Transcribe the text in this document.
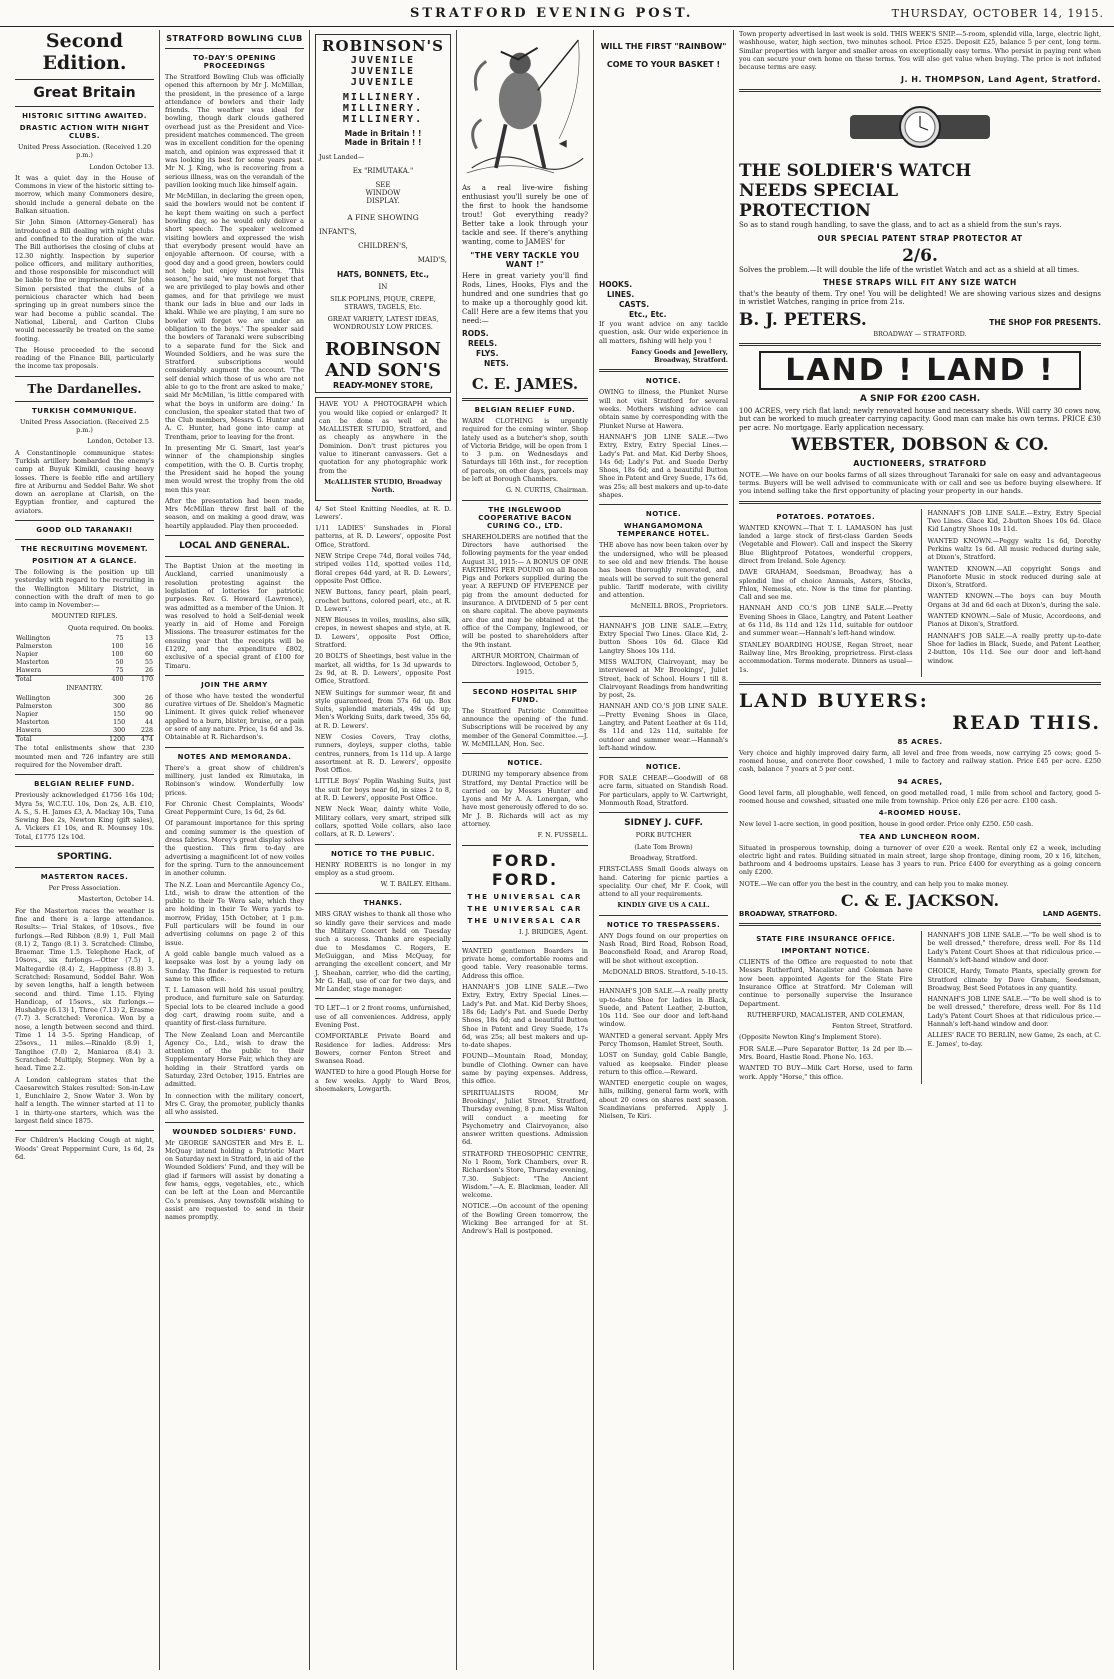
STRATFORD EVENING POST.	THURSDAY, OCTOBER 14, 1915.
Second Edition.
Great Britain
HISTORIC SITTING AWAITED.
DRASTIC ACTION WITH NIGHT CLUBS.

United Press Association. (Received 1.20 p.m.)

London October 13.

It was a quiet day in the House of Commons in view of the historic sitting to-morrow, which many Commoners desire, should include a general debate on the Balkan situation.

Sir John Simon (Attorney-General) has introduced a Bill dealing with night clubs and confined to the duration of the war. The Bill authorises the closing of clubs at 12.30 nightly. Inspection by superior police officers, and military authorities, and those responsible for misconduct will be liable to fine or imprisonment. Sir John Simon persisted that the clubs of a pernicious character which had been springing up in great numbers since the war had become a public scandal. The National, Liberal, and Carlton Clubs would necessarily be treated on the same footing.

The House proceeded to the second reading of the Finance Bill, particularly the income tax proposals.

The Dardanelles.
TURKISH COMMUNIQUE.

United Press Association. (Received 2.5 p.m.)

London, October 13.

A Constantinople communique states: Turkish artillery bombarded the enemy's camp at Buyuk Kimikli, causing heavy losses. There is feeble rifle and artillery fire at Ariburnu and Seddel Bahr. We shot down an aeroplane at Clarish, on the Egyptian frontier, and captured the aviators.

GOOD OLD TARANAKI!
THE RECRUITING MOVEMENT.
POSITION AT A GLANCE.

The following is the position up till yesterday with regard to the recruiting in the Wellington Military District, in connection with the draft of men to go into camp in November:—

MOUNTED RIFLES.
Quota required. On books.
Wellington	75	13
Palmerston	100	16
Napier	100	60
Masterton	50	55
Hawera	75	26
Total	400	170
INFANTRY.
Wellington	300	26
Palmerston	300	86
Napier	150	90
Masterton	150	44
Hawera	300	228
Total	1200	474

The total enlistments show that 230 mounted men and 726 infantry are still required for the November draft.

BELGIAN RELIEF FUND.

Previously acknowledged £1756 16s 10d; Myra 5s, W.C.T.U. 10s, Don 2s, A.B. £10, A. S., S. H. James £3, A. Mackay 10s, Tuna Sewing Bee 2s, Newton King (gift sales), A. Vickers £1 10s, and R. Mounsey 10s. Total, £1775 12s 10d.

SPORTING.
MASTERTON RACES.

Per Press Association.

Masterton, October 14.

For the Masterton races the weather is fine and there is a large attendance. Results:— Trial Stakes, of 10sovs., five furlongs.—Red Ribbon (8.9) 1, Full Mail (8.1) 2, Tango (8.1) 3. Scratched: Climbo, Braemar. Time 1.5. Telephone Hack, of 10sovs., six furlongs.—Otter (7.5) 1, Maltegardie (8.4) 2, Happiness (8.8) 3. Scratched: Rosamund, Soddel Bahr. Won by seven lengths, half a length between second and third. Time 1.15. Flying Handicap, of 15sovs., six furlongs.—Hushabye (6.13) 1, Three (7.13) 2, Erasme (7.7) 3. Scratched: Veronica. Won by a nose, a length between second and third. Time 1 14 3-5. Spring Handicap, of 25sovs., 11 miles.—Rinaldo (8.9) 1, Tangihoe (7.0) 2, Maniaroa (8.4) 3. Scratched: Multiply, Stepney. Won by a head. Time 2.2.

A London cablegram states that the Caesarewitch Stakes resulted: Son-in-Law 1, Eunchlaire 2, Snow Water 3. Won by half a length. The winner started at 11 to 1 in thirty-one starters, which was the largest field since 1875.

For Children's Hacking Cough at night, Woods' Great Peppermint Cure, 1s 6d, 2s 6d.

STRATFORD BOWLING CLUB
TO-DAY'S OPENING PROCEEDINGS

The Stratford Bowling Club was officially opened this afternoon by Mr J. McMillan, the president, in the presence of a large attendance of bowlers and their lady friends. The weather was ideal for bowling, though dark clouds gathered overhead just as the President and Vice-president matches commenced. The green was in excellent condition for the opening match, and opinion was expressed that it was looking its best for some years past. Mr N. J. King, who is recovering from a serious illness, was on the verandah of the pavilion looking much like himself again.

Mr McMillan, in declaring the green open, said the bowlers would not be content if he kept them waiting on such a perfect bowling day, so he would only deliver a short speech. The speaker welcomed visiting bowlers and expressed the wish that everybody present would have an enjoyable afternoon. Of course, with a good day and a good green, bowlers could not help but enjoy themselves. 'This season,' he said, 'we must not forget that we are privileged to play bowls and other games, and for that privilege we must thank our lads in blue and our lads in khaki. While we are playing, I am sure no bowler will forget we are under an obligation to the boys.' The speaker said the bowlers of Taranaki were subscribing to a separate fund for the Sick and Wounded Soldiers, and he was sure the Stratford subscriptions would considerably augment the account. 'The self denial which those of us who are not able to go to the front are asked to make,' said Mr McMillan, 'is little compared with what the boys in uniform are doing.' In conclusion, the speaker stated that two of the Club members, Messrs G. Hunter and A. C. Hunter, had gone into camp at Trentham, prior to leaving for the front.

In presenting Mr G. Smart, last year's winner of the championship singles competition, with the O. B. Curtis trophy, the President said he hoped the young men would wrest the trophy from the old men this year.

After the presentation had been made, Mrs McMillan threw first ball of the season, and on making a good draw, was heartily applauded. Play then proceeded.

LOCAL AND GENERAL.

The Baptist Union at the meeting in Auckland, carried unanimously a resolution protesting against the legislation of lotteries for patriotic purposes. Rev. G. Howard (Lawrence), was admitted as a member of the Union. It was resolved to hold a Self-denial week yearly in aid of Home and Foreign Missions. The treasurer estimates for the ensuing year that the receipts will be £1292, and the expenditure £802, exclusive of a special grant of £100 for Timaru.

JOIN THE ARMY

of those who have tested the wonderful curative virtues of Dr. Sheldon's Magnetic Liniment. It gives quick relief whenever applied to a burn, blister, bruise, or a pain or sore of any nature. Price, 1s 6d and 3s. Obtainable at R. Richardson's.

NOTES AND MEMORANDA.

There's a great show of children's millinery, just landed ex Rimutaka, in Robinson's window. Wonderfully low prices.

For Chronic Chest Complaints, Woods' Great Peppermint Cure, 1s 6d, 2s 6d.

Of paramount importance for this spring and coming summer is the question of dress fabrics. Morey's great display solves the question. This firm to-day are advertising a magnificent lot of new voiles for the spring. Turn to the announcement in another column.

The N.Z. Loan and Mercantile Agency Co., Ltd., wish to draw the attention of the public to their Te Wera sale, which they are holding in their Te Wera yards to-morrow, Friday, 15th October, at 1 p.m. Full particulars will be found in our advertising columns on page 2 of this issue.

A gold cable bangle much valued as a keepsake was lost by a young lady on Sunday. The finder is requested to return same to this office.

T. I. Lamason will hold his usual poultry, produce, and furniture sale on Saturday. Special lots to be cleared include a good dog cart, drawing room suite, and a quantity of first-class furniture.

The New Zealand Loan and Mercantile Agency Co., Ltd., wish to draw the attention of the public to their Supplementary Horse Fair, which they are holding in their Stratford yards on Saturday, 23rd October, 1915. Entries are admitted.

In connection with the military concert, Mrs C. Gray, the promoter, publicly thanks all who assisted.

WOUNDED SOLDIERS' FUND.

Mr GEORGE SANGSTER and Mrs E. L. McQuay intend holding a Patriotic Mart on Saturday next in Stratford, in aid of the Wounded Soldiers' Fund, and they will be glad if farmers will assist by donating a few hams, eggs, vegetables, etc., which can be left at the Loan and Mercantile Co.'s premises. Any townsfolk wishing to assist are requested to send in their names promptly.

ROBINSON'S
JUVENILE
JUVENILE
JUVENILE
MILLINERY.
MILLINERY.
MILLINERY.
Made in Britain ! !
Made in Britain ! !

Just Landed—

Ex "RIMUTAKA."
SEE
WINDOW
DISPLAY.
A FINE SHOWING
INFANT'S,
CHILDREN'S,
MAID'S,
HATS, BONNETS, Etc.,
IN
SILK POPLINS, PIQUE, CREPE, STRAWS, TAGELS, Etc.
GREAT VARIETY, LATEST IDEAS, WONDROUSLY LOW PRICES.
ROBINSON AND SON'S
READY-MONEY STORE,

HAVE YOU A PHOTOGRAPH which you would like copied or enlarged? It can be done as well at the McALLISTER STUDIO, Stratford, and as cheaply as anywhere in the Dominion. Don't trust pictures you value to itinerant canvassers. Get a quotation for any photographic work from the

McALLISTER STUDIO, Broadway North.

4/ Set Steel Knitting Needles, at R. D. Lewers'.

1/11 LADIES' Sunshades in Floral patterns, at R. D. Lewers', opposite Post Office, Stratford.

NEW Stripe Crepe 74d, floral voiles 74d, striped voiles 11d, spotted voiles 11d, floral crepes 64d yard, at R. D. Lewers', opposite Post Office.

NEW Buttons, fancy pearl, plain pearl, crochet buttons, colored pearl, etc., at R. D. Lewers'.

NEW Blouses in voiles, muslins, also silk, crepes, in newest shapes and style, at R. D. Lewers', opposite Post Office, Stratford.

20 BOLTS of Sheetings, best value in the market, all widths, for 1s 3d upwards to 2s 9d, at R. D. Lewers', opposite Post Office, Stratford.

NEW Suitings for summer wear, fit and style guaranteed, from 57s 6d up. Box Suits, splendid materials, 49s 6d up; Men's Working Suits, dark tweed, 35s 6d, at R. D. Lewers'.

NEW Cosies Covers, Tray cloths, runners, doyleys, supper cloths, table centres, runners, from 1s 11d up. A large assortment at R. D. Lewers', opposite Post Office.

LITTLE Boys' Poplin Washing Suits, just the suit for boys near 6d, in sizes 2 to 8, at R. D. Lewers', opposite Post Office.

NEW Neck Wear, dainty white Voile, Military collars, very smart, striped silk collars, spotted Voile collars, also lace collars, at R. D. Lewers'.

NOTICE TO THE PUBLIC.

HENRY ROBERTS is no longer in my employ as a stud groom.

W. T. BAILEY. Eltham.

THANKS.

MRS GRAY wishes to thank all those who so kindly gave their services and made the Military Concert held on Tuesday such a success. Thanks are especially due to Mesdames C. Rogers, E. McGuiggan, and Miss McQuay, for arranging the excellent concert, and Mr J. Sheahan, carrier, who did the carting, Mr G. Hall, use of car for two days, and Mr Lander, stage manager.

TO LET—1 or 2 front rooms, unfurnished, use of all conveniences. Address, apply Evening Post.

COMFORTABLE Private Board and Residence for ladies. Address: Mrs Bowers, corner Fenton Street and Swansea Road.

WANTED to hire a good Plough Horse for a few weeks. Apply to Ward Bros, shoemakers, Lowgarth.

As a real live-wire fishing enthusiast you'll surely be one of the first to hook the handsome trout! Got everything ready? Better take a look through your tackle and see. If there's anything wanting, come to JAMES' for

"THE VERY TACKLE YOU WANT !"

Here in great variety you'll find Rods, Lines, Hooks, Flys and the hundred and one sundries that go to make up a thoroughly good kit. Call! Here are a few items that you need:—

RODS.
REELS.
FLYS.
NETS.
C. E. JAMES.
BELGIAN RELIEF FUND.

WARM CLOTHING is urgently required for the coming winter. Shop lately used as a butcher's shop, south of Victoria Bridge, will be open from 1 to 3 p.m. on Wednesdays and Saturdays till 16th inst., for reception of parcels, on other days, parcels may be left at Borough Chambers.

G. N. CURTIS, Chairman.

THE INGLEWOOD COOPERATIVE BACON CURING CO., LTD.

SHAREHOLDERS are notified that the Directors have authorised the following payments for the year ended August 31, 1915:— A BONUS OF ONE FARTHING PER POUND on all Bacon Pigs and Porkers supplied during the year. A REFUND OF FIVEPENCE per pig from the amount deducted for insurance. A DIVIDEND of 5 per cent on share capital. The above payments are due and may be obtained at the office of the Company, Inglewood, or will be posted to shareholders after the 9th instant.

ARTHUR MORTON, Chairman of Directors. Inglewood, October 5, 1915.

SECOND HOSPITAL SHIP FUND.

The Stratford Patriotic Committee announce the opening of the fund. Subscriptions will be received by any member of the General Committee.—J. W. McMILLAN, Hon. Sec.

NOTICE.

DURING my temporary absence from Stratford, my Dental Practice will be carried on by Messrs Hunter and Lyons and Mr A. A. Lonergan, who have most generously offered to do so. Mr J. B. Richards will act as my attorney.

F. N. FUSSELL.

FORD. FORD.
THE UNIVERSAL CAR
THE UNIVERSAL CAR
THE UNIVERSAL CAR

I. J. BRIDGES, Agent.

WANTED gentlemen Boarders in private home, comfortable rooms and good table. Very reasonable terms. Address this office.

HANNAH'S JOB LINE SALE.—Two Extry, Extry, Extry Special Lines.—Lady's Pat. and Mat. Kid Derby Shoes, 18s 6d; Lady's Pat. and Suede Derby Shoes, 18s 6d; and a beautiful Button Shoe in Patent and Grey Suede, 17s 6d, was 25s; all best makers and up-to-date shapes.

FOUND—Mountain Road, Monday, bundle of Clothing. Owner can have same by paying expenses. Address, this office.

SPIRITUALISTS ROOM, Mr Brookings', Juliet Street, Stratford, Thursday evening, 8 p.m. Miss Walton will conduct a meeting for Psychometry and Clairvoyance, also answer written questions. Admission 6d.

STRATFORD THEOSOPHIC CENTRE, No 1 Room, York Chambers, over R. Richardson's Store, Thursday evening, 7.30. Subject: "The Ancient Wisdom."—A. E. Blackman, leader. All welcome.

NOTICE.—On account of the opening of the Bowling Green tomorrow, the Wicking Bee arranged for at St. Andrew's Hall is postponed.

WILL THE FIRST "RAINBOW" COME TO YOUR BASKET !
HOOKS.
LINES.
CASTS.
Etc., Etc.

If you want advice on any tackle question, ask. Our wide experience in all matters, fishing will help you !

Fancy Goods and Jewellery, Broadway, Stratford.

NOTICE.

OWING to illness, the Plunket Nurse will not visit Stratford for several weeks. Mothers wishing advice can obtain same by corresponding with the Plunket Nurse at Hawera.

HANNAH'S JOB LINE SALE.—Two Extry, Extry, Extry Special Lines.—Lady's Pat. and Mat. Kid Derby Shoes, 14s 6d; Lady's Pat. and Suede Derby Shoes, 18s 6d; and a beautiful Button Shoe in Patent and Grey Suede, 17s 6d, was 25s; all best makers and up-to-date shapes.

NOTICE.
WHANGAMOMONA TEMPERANCE HOTEL.

THE above has now been taken over by the undersigned, who will be pleased to see old and new friends. The house has been thoroughly renovated, and meals will be served to suit the general public. Tariff moderate, with civility and attention.

McNEILL BROS., Proprietors.

HANNAH'S JOB LINE SALE.—Extry, Extry Special Two Lines. Glace Kid, 2-button Shoes 10s 6d. Glace Kid Langtry Shoes 10s 11d.

MISS WALTON, Clairvoyant, may be interviewed at Mr Brookings', Juliet Street, back of School. Hours 1 till 8. Clairvoyant Readings from handwriting by post, 2s.

HANNAH AND CO.'S JOB LINE SALE.—Pretty Evening Shoes in Glace, Langtry, and Patent Leather at 6s 11d, 8s 11d and 12s 11d, suitable for outdoor and summer wear.—Hannah's left-hand window.

NOTICE.

FOR SALE CHEAP.—Goodwill of 68 acre farm, situated on Standish Road. For particulars, apply to W. Cartwright, Monmouth Road, Stratford.

SIDNEY J. CUFF.
PORK BUTCHER
(Late Tom Brown)
Broadway, Stratford.

FIRST-CLASS Small Goods always on hand. Catering for picnic parties a speciality. Our chef, Mr F. Cook, will attend to all your requirements.

KINDLY GIVE US A CALL.
NOTICE TO TRESPASSERS.

ANY Dogs found on our properties on Nash Road, Bird Road, Robson Road, Beaconsfield Road, and Ararop Road, will be shot without exception.

McDONALD BROS. Stratford, 5-10-15.

HANNAH'S JOB SALE.—A really pretty up-to-date Shoe for ladies in Black, Suede, and Patent Leather, 2-button, 10s 11d. See our door and left-hand window.

WANTED a general servant. Apply Mrs Percy Thomson, Hamlet Street, South.

LOST on Sunday, gold Cable Bangle, valued as keepsake. Finder please return to this office.—Reward.

WANTED energetic couple on wages, hills, milking, general farm work, with about 20 cows on shares next season. Scandinavians preferred. Apply J. Nielsen, Te Kiri.

Town property advertised in last week is sold. THIS WEEK'S SNIP.—5-room, splendid villa, large, electric light, washhouse, water, high section, two minutes school. Price £525. Deposit £25, balance 5 per cent, long term. Similar properties with larger and smaller areas on exceptionally easy terms. Who persist in paying rent when you can secure your own home on these terms. You will also get value when buying. The price is not inflated because terms are easy.

J. H. THOMPSON, Land Agent, Stratford.
THE SOLDIER'S WATCH
NEEDS SPECIAL
PROTECTION

So as to stand rough handling, to save the glass, and to act as a shield from the sun's rays.

OUR SPECIAL PATENT STRAP PROTECTOR AT
2/6.

Solves the problem.—It will double the life of the wristlet Watch and act as a shield at all times.

THESE STRAPS WILL FIT ANY SIZE WATCH

that's the beauty of them. Try one! You will be delighted! We are showing various sizes and designs in wristlet Watches, ranging in price from 21s.

B. J. PETERS.	THE SHOP FOR PRESENTS.
BROADWAY — STRATFORD.
LAND ! LAND !
A SNIP FOR £200 CASH.

100 ACRES, very rich flat land; newly renovated house and necessary sheds. Will carry 30 cows now, but can be worked to much greater carrying capacity. Good man can make his own terms. PRICE £30 per acre. No mortgage. Early application necessary.

WEBSTER, DOBSON & CO.
AUCTIONEERS, STRATFORD

NOTE.—We have on our books farms of all sizes throughout Taranaki for sale on easy and advantageous terms. Buyers will be well advised to communicate with or call and see us before buying elsewhere. If you intend selling take the first opportunity of placing your property in our hands.

POTATOES. POTATOES.

WANTED KNOWN.—That T. I. LAMASON has just landed a large stock of first-class Garden Seeds (Vegetable and Flower). Call and inspect the Skerry Blue Blightproof Potatoes, wonderful croppers, direct from Ireland. Sole Agency.

DAVE GRAHAM, Seedsman, Broadway, has a splendid line of choice Annuals, Asters, Stocks, Phlox, Nemesia, etc. Now is the time for planting. Call and see me.

HANNAH AND CO.'S JOB LINE SALE.—Pretty Evening Shoes in Glace, Langtry, and Patent Leather at 6s 11d, 8s 11d and 12s 11d, suitable for outdoor and summer wear.—Hannah's left-hand window.

STANLEY BOARDING HOUSE, Regan Street, near Railway line, Mrs Brooking, proprietress. First-class accommodation. Terms moderate. Dinners as usual—1s.

HANNAH'S JOB LINE SALE.—Extry, Extry Special Two Lines. Glace Kid, 2-button Shoes 10s 6d. Glace Kid Langtry Shoes 10s 11d.

WANTED KNOWN.—Peggy waltz 1s 6d, Dorothy Perkins waltz 1s 6d. All music reduced during sale, at Dixon's, Stratford.

WANTED KNOWN.—All copyright Songs and Pianoforte Music in stock reduced during sale at Dixon's, Stratford.

WANTED KNOWN.—The boys can buy Mouth Organs at 3d and 6d each at Dixon's, during the sale.

WANTED KNOWN.—Sale of Music, Accordeons, and Pianos at Dixon's, Stratford.

HANNAH'S JOB SALE.—A really pretty up-to-date Shoe for ladies in Black, Suede, and Patent Leather, 2-button, 10s 11d. See our door and left-hand window.

LAND BUYERS:
READ THIS.
85 ACRES.

Very choice and highly improved dairy farm, all level and free from weeds, now carrying 25 cows; good 5-roomed house, and concrete floor cowshed, 1 mile to factory and railway station. Price £45 per acre. £250 cash, balance 7 years at 5 per cent.

94 ACRES,

Good level farm, all ploughable, well fenced, on good metalled road, 1 mile from school and factory, good 5-roomed house and cowshed, situated one mile from township. Price only £26 per acre. £100 cash.

4-ROOMED HOUSE.

New level 1-acre section, in good position, house in good order. Price only £250. £50 cash.

TEA AND LUNCHEON ROOM.

Situated in prosperous township, doing a turnover of over £20 a week. Rental only £2 a week, including electric light and rates. Building situated in main street, large shop frontage, dining room, 20 x 16, kitchen, bathroom and 4 bedrooms upstairs. Lease has 3 years to run. Price £400 for everything as a going concern only £200.

NOTE.—We can offer you the best in the country, and can help you to make money.

C. & E. JACKSON.
BROADWAY, STRATFORD.	LAND AGENTS.
STATE FIRE INSURANCE OFFICE.
IMPORTANT NOTICE.

CLIENTS of the Office are requested to note that Messrs Rutherfurd, Macalister and Coleman have now been appointed Agents for the State Fire Insurance Office at Stratford. Mr Coleman will continue to personally supervise the Insurance Department.

RUTHERFURD, MACALISTER, AND COLEMAN,

Fenton Street, Stratford.

(Opposite Newton King's Implement Store).

FOR SALE.—Pure Separator Butter, 1s 2d per lb.—Mrs. Board, Hastie Road. Phone No. 163.

WANTED TO BUY—Milk Cart Horse, used to farm work. Apply "Horse," this office.

HANNAH'S JOB LINE SALE.—"To be well shod is to be well dressed," therefore, dress well. For 8s 11d Lady's Patent Court Shoes at that ridiculous price.—Hannah's left-hand window and door.

CHOICE, Hardy, Tomato Plants, specially grown for Stratford climate by Dave Graham, Seedsman, Broadway, Best Seed Potatoes in any quantity.

HANNAH'S JOB LINE SALE.—"To be well shod is to be well dressed," therefore, dress well. For 8s 11d Lady's Patent Court Shoes at that ridiculous price.—Hannah's left-hand window and door.

ALLIES' RACE TO BERLIN, new Game, 2s each, at C. E. James', to-day.
